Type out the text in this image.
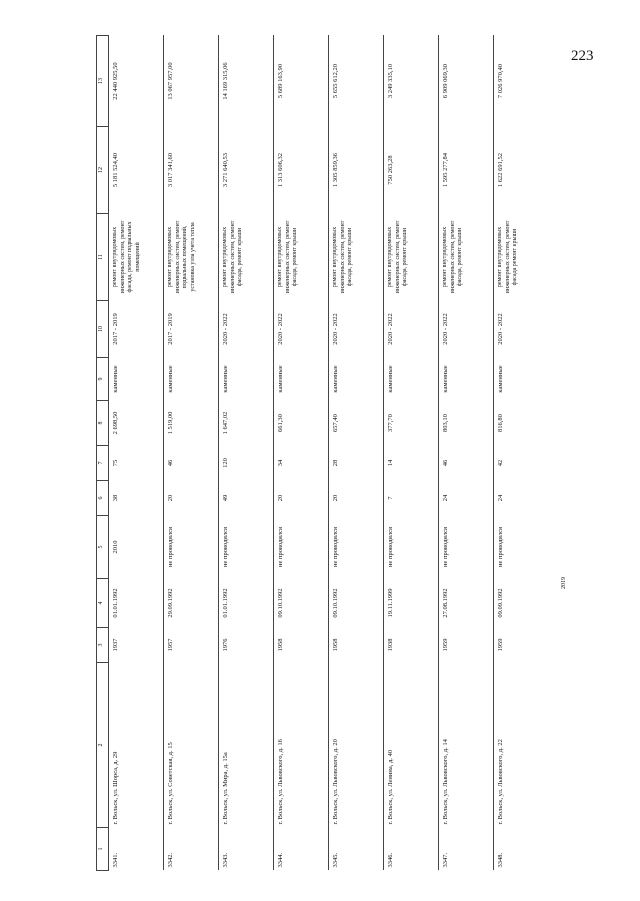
223
1	2	3	4	5	6	7	8	9	10	11	12	13
3341.	г. Вольск, ул. Шорса, д. 29	1937	01.01.1992	2010	38	75	2 698,50	каменные	2017 - 2019	ремонт внутридомовых инженерных систем, ремонт фасада, ремонт подвальных помещений	5 181 524,40	22 440 925,50
3342.	г. Вольск, ул. Советская, д. 15	1957	29.09.1992	не проводился	20	46	1 519,00	каменные	2017 - 2019	ремонт внутридомовых инженерных систем, ремонт подвальных помещений, установка узла учета тепла	3 017 341,60	13 067 957,00
3343.	г. Вольск, ул. Мира, д. 15а	1976	01.01.1992	не проводился	49	120	1 647,02	каменные	2020 - 2022	ремонт внутридомовых инженерных систем, ремонт фасада, ремонт крыши	3 271 640,53	14 169 315,06
3344.	г. Вольск, ул. Львовского, д. 16	1958	09.10.1992	не проводился	20	34	661,30	каменные	2020 - 2022	ремонт внутридомовых инженерных систем, ремонт фасада, ремонт крыши	1 313 606,32	5 689 163,90
3345.	г. Вольск, ул. Львовского, д. 20	1958	09.10.1992	не проводился	20	28	657,40	каменные	2020 - 2022	ремонт внутридомовых инженерных систем, ремонт фасада, ремонт крыши	1 305 859,36	5 655 612,20
3346.	г. Вольск, ул. Ленина, д. 40	1938	19.11.1999	не проводился	7	14	377,70	каменные	2020 - 2022	ремонт внутридомовых инженерных систем, ремонт фасада, ремонт крыши	750 263,28	3 249 335,10
3347.	г. Вольск, ул. Львовского, д. 14	1959	27.08.1992	не проводился	24	46	803,10	каменные	2020 - 2022	ремонт внутридомовых инженерных систем, ремонт фасада, ремонт крыши	1 595 277,84	6 909 069,30
3348.	г. Вольск, ул. Львовского, д. 22	1959	09.09.1992	не проводился	24	42	816,80	каменные	2020 - 2022	ремонт внутридомовых инженерных систем, ремонт фасада ремонт крыши	1 622 691,52	7 026 970,40
2019
